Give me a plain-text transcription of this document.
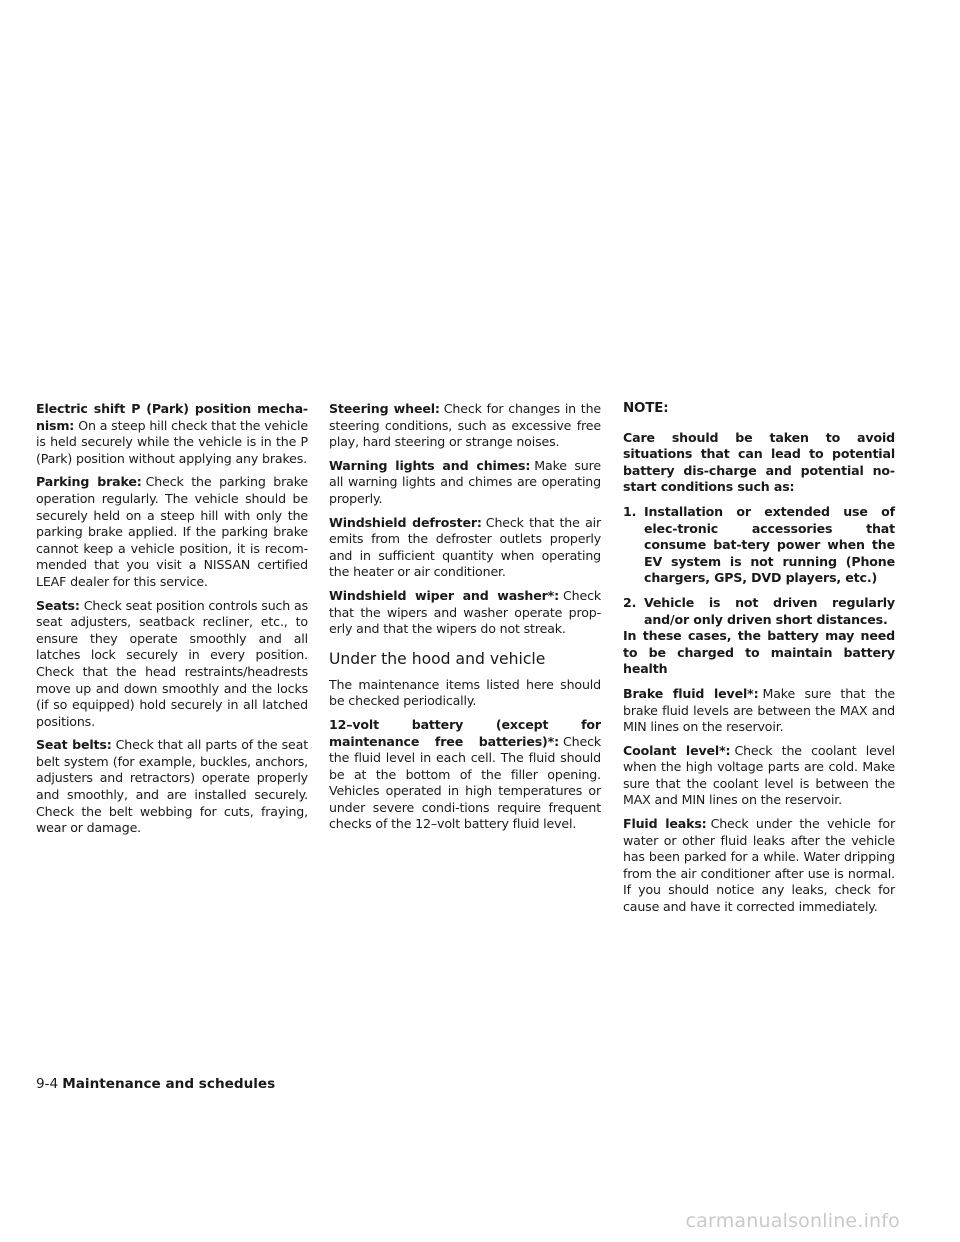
Electric shift P (Park) position mecha-nism: On a steep hill check that the vehicle is held securely while the vehicle is in the P (Park) position without applying any brakes.

Parking brake: Check the parking brake operation regularly. The vehicle should be securely held on a steep hill with only the parking brake applied. If the parking brake cannot keep a vehicle position, it is recom-mended that you visit a NISSAN certified LEAF dealer for this service.

Seats: Check seat position controls such as seat adjusters, seatback recliner, etc., to ensure they operate smoothly and all latches lock securely in every position. Check that the head restraints/headrests move up and down smoothly and the locks (if so equipped) hold securely in all latched positions.

Seat belts: Check that all parts of the seat belt system (for example, buckles, anchors, adjusters and retractors) operate properly and smoothly, and are installed securely. Check the belt webbing for cuts, fraying, wear or damage.

Steering wheel: Check for changes in the steering conditions, such as excessive free play, hard steering or strange noises.

Warning lights and chimes: Make sure all warning lights and chimes are operating properly.

Windshield defroster: Check that the air emits from the defroster outlets properly and in sufficient quantity when operating the heater or air conditioner.

Windshield wiper and washer*: Check that the wipers and washer operate prop-erly and that the wipers do not streak.

Under the hood and vehicle

The maintenance items listed here should be checked periodically.

12–volt battery (except for maintenance free batteries)*: Check the fluid level in each cell. The fluid should be at the bottom of the filler opening. Vehicles operated in high temperatures or under severe condi-tions require frequent checks of the 12–volt battery fluid level.

NOTE:

Care should be taken to avoid situations that can lead to potential battery dis-charge and potential no-start conditions such as:

1. Installation or extended use of elec-tronic accessories that consume bat-tery power when the EV system is not running (Phone chargers, GPS, DVD players, etc.)
2. Vehicle is not driven regularly and/or only driven short distances.

In these cases, the battery may need to be charged to maintain battery health

Brake fluid level*: Make sure that the brake fluid levels are between the MAX and MIN lines on the reservoir.

Coolant level*: Check the coolant level when the high voltage parts are cold. Make sure that the coolant level is between the MAX and MIN lines on the reservoir.

Fluid leaks: Check under the vehicle for water or other fluid leaks after the vehicle has been parked for a while. Water dripping from the air conditioner after use is normal. If you should notice any leaks, check for cause and have it corrected immediately.

9-4 Maintenance and schedules
carmanualsonline.info
